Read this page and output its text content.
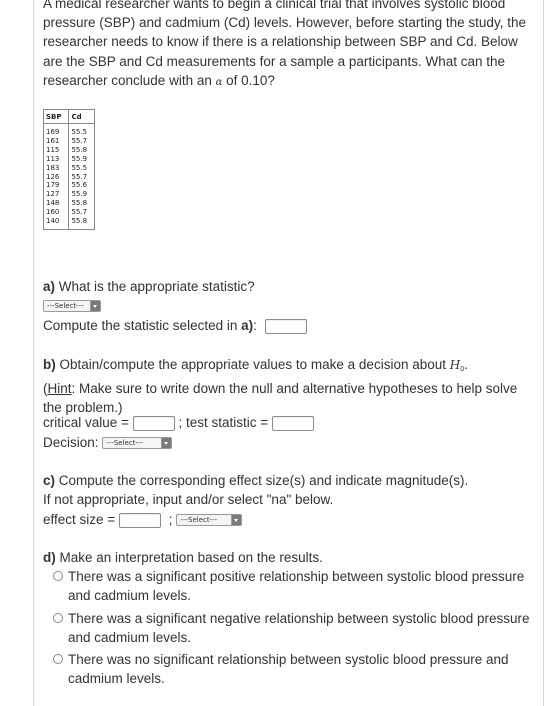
A medical researcher wants to begin a clinical trial that involves systolic blood pressure (SBP) and cadmium (Cd) levels. However, before starting the study, the researcher needs to know if there is a relationship between SBP and Cd. Below are the SBP and Cd measurements for a sample a participants. What can the researcher conclude with an α of 0.10?

SBP	Cd
169	55.5
161	55.7
115	55.8
113	55.9
183	55.5
126	55.7
179	55.6
127	55.9
148	55.8
160	55.7
140	55.8

a) What is the appropriate statistic?

---Select---

Compute the statistic selected in a):

b) Obtain/compute the appropriate values to make a decision about $H_0$.
(Hint: Make sure to write down the null and alternative hypotheses to help solve the problem.)

critical value =	; test statistic =

Decision: ---Select---

c) Compute the corresponding effect size(s) and indicate magnitude(s).
If not appropriate, input and/or select "na" below.

effect size =	; ---Select---

d) Make an interpretation based on the results.

There was a significant positive relationship between systolic blood pressure and cadmium levels.
There was a significant negative relationship between systolic blood pressure and cadmium levels.
There was no significant relationship between systolic blood pressure and cadmium levels.
